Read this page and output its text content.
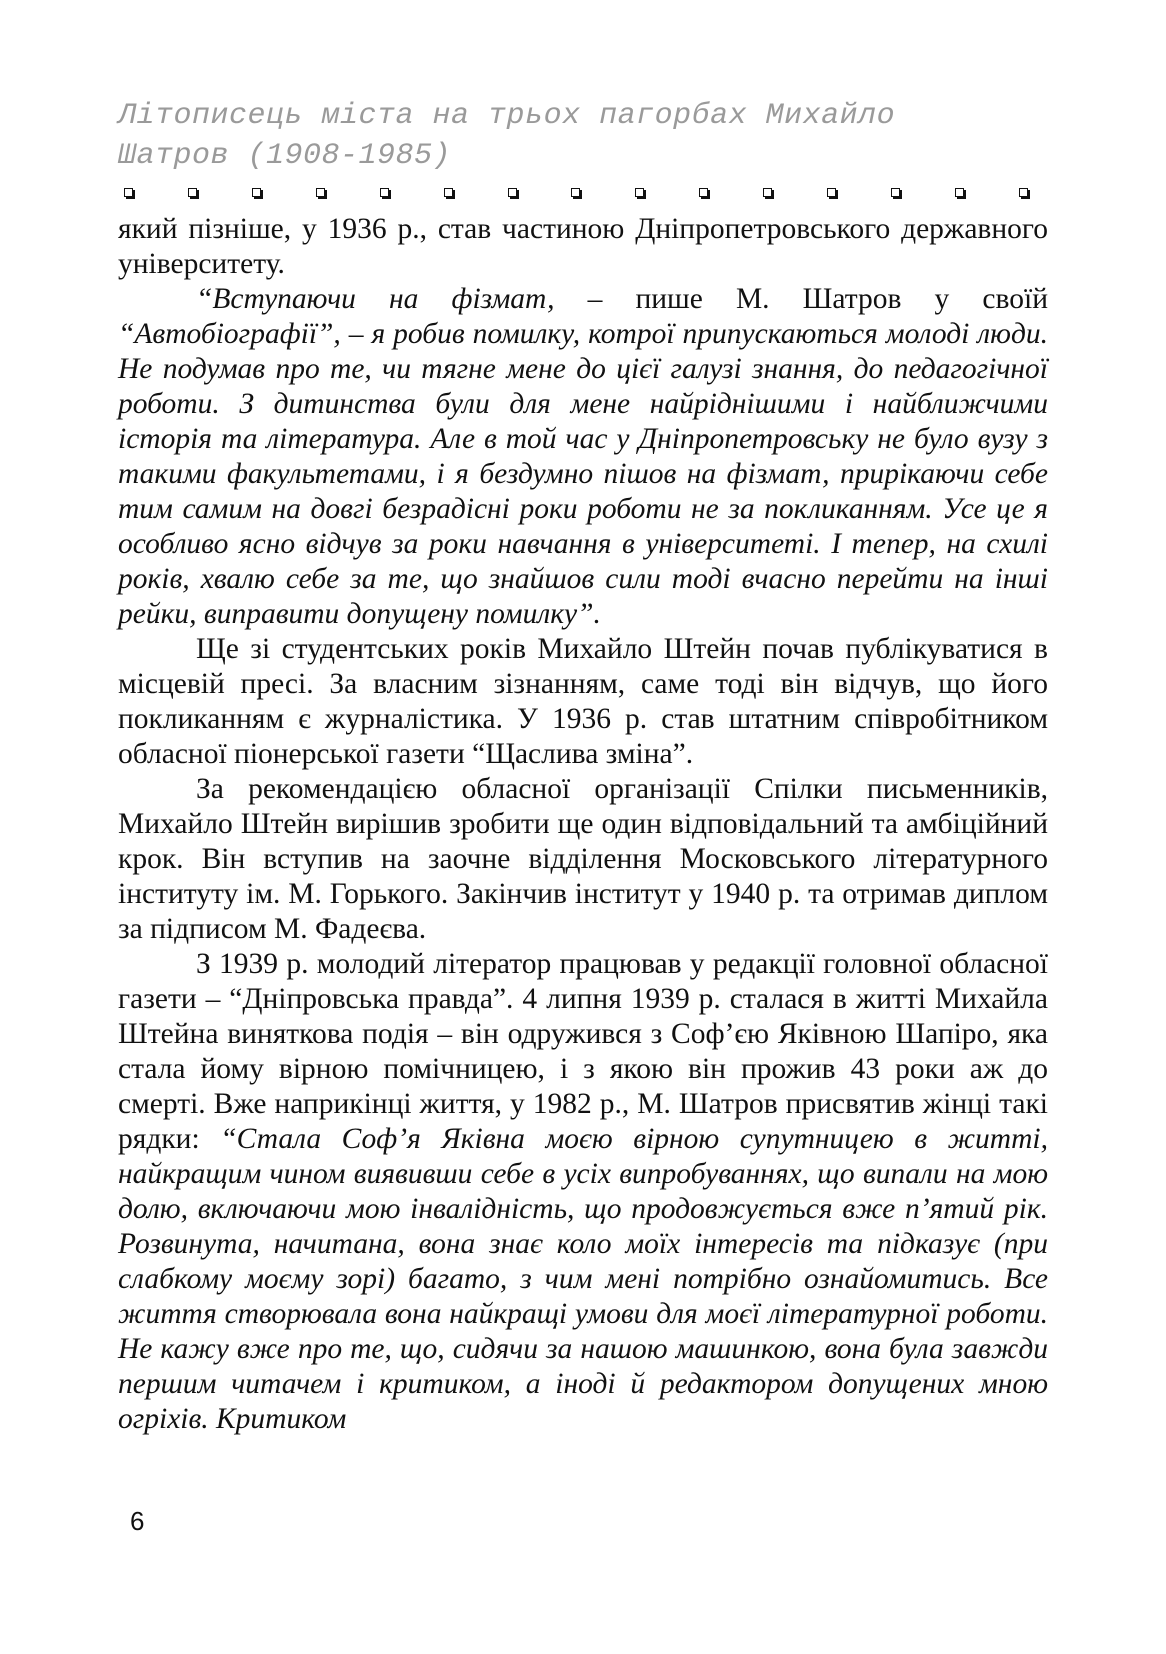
Літописець міста на трьох пагорбах Михайло
Шатров (1908-1985)

який пізніше, у 1936 р., став частиною Дніпропетровського державного університету.

“Вступаючи на фізмат, – пише М. Шатров у своїй “Автобіографії”, – я робив помилку, котрої припускаються молоді люди. Не подумав про те, чи тягне мене до цієї галузі знання, до педагогічної роботи. З дитинства були для мене найріднішими і найближчими історія та література. Але в той час у Дніпропетровську не було вузу з такими факультетами, і я бездумно пішов на фізмат, прирікаючи себе тим самим на довгі безрадісні роки роботи не за покликанням. Усе це я особливо ясно відчув за роки навчання в університеті. І тепер, на схилі років, хвалю себе за те, що знайшов сили тоді вчасно перейти на інші рейки, виправити допущену помилку”.

Ще зі студентських років Михайло Штейн почав публікуватися в місцевій пресі. За власним зізнанням, саме тоді він відчув, що його покликанням є журналістика. У 1936 р. став штатним співробітником обласної піонерської газети “Щаслива зміна”.

За рекомендацією обласної організації Спілки письменників, Михайло Штейн вирішив зробити ще один відповідальний та амбіційний крок. Він вступив на заочне відділення Московського літературного інституту ім. М. Горького. Закінчив інститут у 1940 р. та отримав диплом за підписом М. Фадеєва.

З 1939 р. молодий літератор працював у редакції головної обласної газети – “Дніпровська правда”. 4 липня 1939 р. сталася в житті Михайла Штейна виняткова подія – він одружився з Соф’єю Яківною Шапіро, яка стала йому вірною помічницею, і з якою він прожив 43 роки аж до смерті. Вже наприкінці життя, у 1982 р., М. Шатров присвятив жінці такі рядки: “Стала Соф’я Яківна моєю вірною супутницею в житті, найкращим чином виявивши себе в усіх випробуваннях, що випали на мою долю, включаючи мою інвалідність, що продовжується вже п’ятий рік. Розвинута, начитана, вона знає коло моїх інтересів та підказує (при слабкому моєму зорі) багато, з чим мені потрібно ознайомитись. Все життя створювала вона найкращі умови для моєї літературної роботи. Не кажу вже про те, що, сидячи за нашою машинкою, вона була завжди першим читачем і критиком, а іноді й редактором допущених мною огріхів. Критиком

6
